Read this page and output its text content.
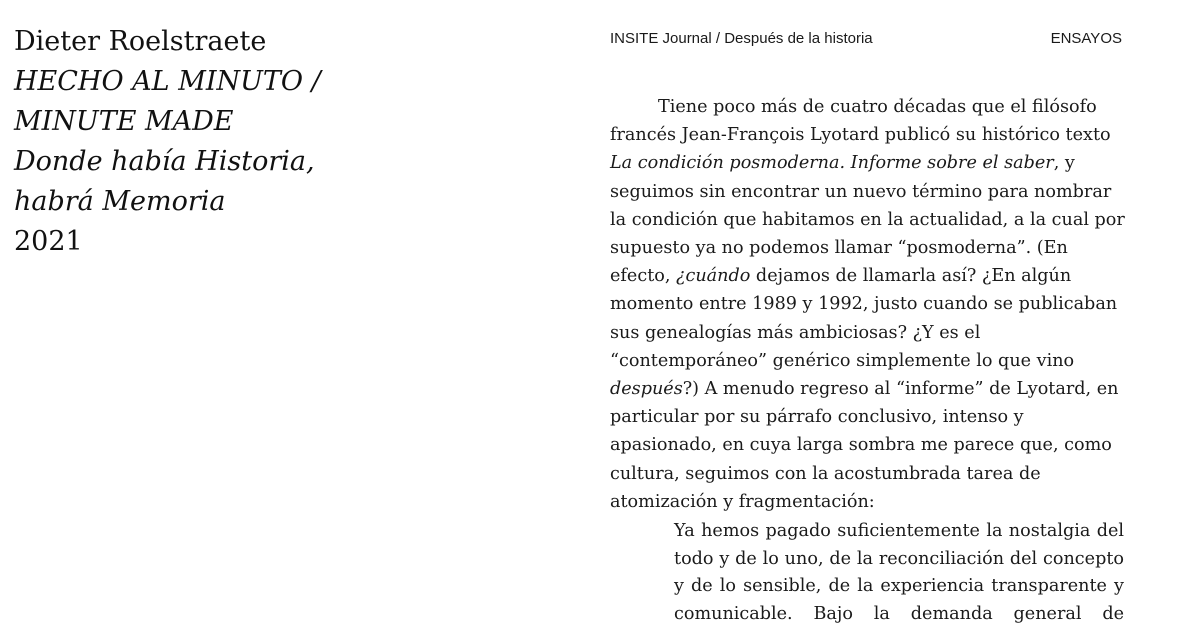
Dieter Roelstraete
HECHO AL MINUTO /
MINUTE MADE
Donde había Historia,
habrá Memoria
2021
INSITE Journal / Después de la historia	ENSAYOS

Tiene poco más de cuatro décadas que el filósofo francés Jean-François Lyotard publicó su histórico texto La condición posmoderna. Informe sobre el saber, y seguimos sin encontrar un nuevo término para nombrar la condición que habitamos en la actualidad, a la cual por supuesto ya no podemos llamar “posmoderna”. (En efecto, ¿cuándo dejamos de llamarla así? ¿En algún momento entre 1989 y 1992, justo cuando se publicaban sus genealogías más ambiciosas? ¿Y es el “contemporáneo” genérico simplemente lo que vino después?) A menudo regreso al “informe” de Lyotard, en particular por su párrafo conclusivo, intenso y apasionado, en cuya larga sombra me parece que, como cultura, seguimos con la acostumbrada tarea de atomización y fragmentación:

Ya hemos pagado suficientemente la nostalgia del todo y de lo uno, de la reconciliación del concepto y de lo sensible, de la experiencia transparente y comunicable. Bajo la demanda general de
